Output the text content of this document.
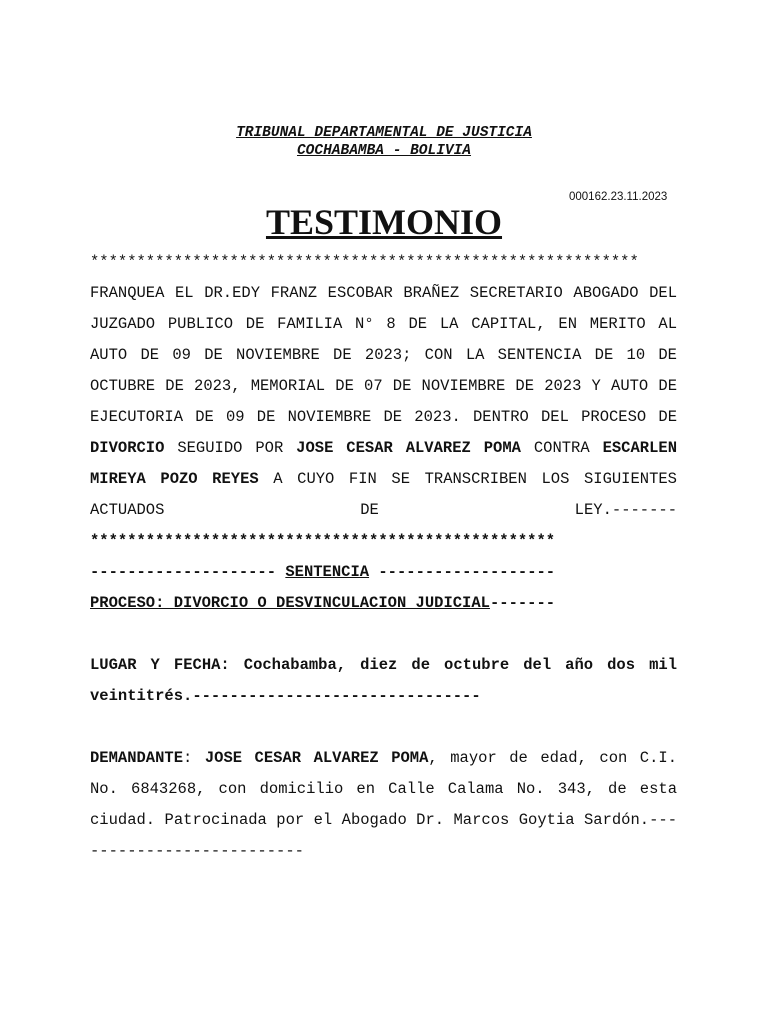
TRIBUNAL DEPARTAMENTAL DE JUSTICIA
COCHABAMBA - BOLIVIA
000162.23.11.2023
TESTIMONIO
***********************************************************

FRANQUEA EL DR.EDY FRANZ ESCOBAR BRAÑEZ SECRETARIO ABOGADO DEL JUZGADO PUBLICO DE FAMILIA N° 8 DE LA CAPITAL, EN MERITO AL AUTO DE 09 DE NOVIEMBRE DE 2023; CON LA SENTENCIA DE 10 DE OCTUBRE DE 2023, MEMORIAL DE 07 DE NOVIEMBRE DE 2023 Y AUTO DE EJECUTORIA DE 09 DE NOVIEMBRE DE 2023. DENTRO DEL PROCESO DE DIVORCIO SEGUIDO POR JOSE CESAR ALVAREZ POMA CONTRA ESCARLEN MIREYA POZO REYES A CUYO FIN SE TRANSCRIBEN LOS SIGUIENTES ACTUADOS DE LEY.-------

**************************************************
-------------------- SENTENCIA -------------------
PROCESO: DIVORCIO O DESVINCULACION JUDICIAL-------

LUGAR Y FECHA: Cochabamba, diez de octubre del año dos mil veintitrés.-------------------------------

DEMANDANTE: JOSE CESAR ALVAREZ POMA, mayor de edad, con C.I. No. 6843268, con domicilio en Calle Calama No. 343, de esta ciudad. Patrocinada por el Abogado Dr. Marcos Goytia Sardón.--------------------------
